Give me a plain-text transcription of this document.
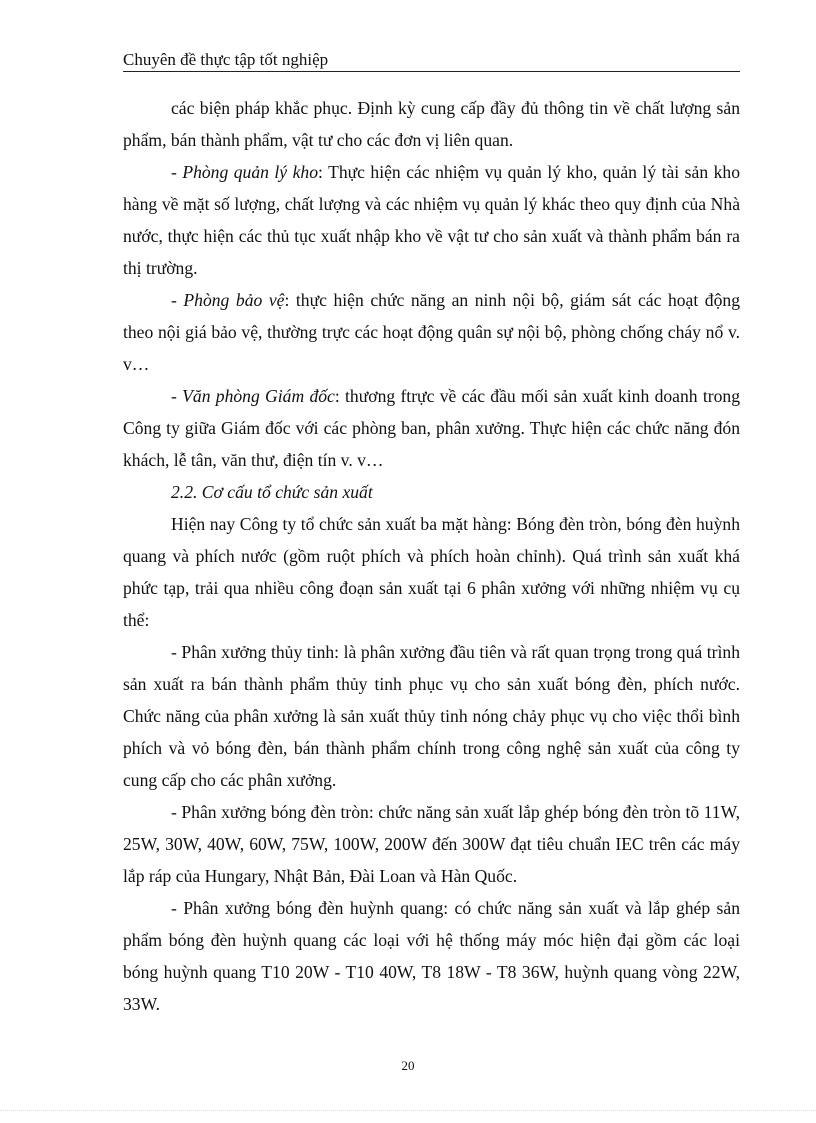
Chuyên đề thực tập tốt nghiệp

các biện pháp khắc phục. Định kỳ cung cấp đầy đủ thông tin về chất lượng sản phẩm, bán thành phẩm, vật tư cho các đơn vị liên quan.

- Phòng quản lý kho: Thực hiện các nhiệm vụ quản lý kho, quản lý tài sản kho hàng về mặt số lượng, chất lượng và các nhiệm vụ quản lý khác theo quy định của Nhà nước, thực hiện các thủ tục xuất nhập kho về vật tư cho sản xuất và thành phẩm bán ra thị trường.

- Phòng bảo vệ: thực hiện chức năng an ninh nội bộ, giám sát các hoạt động theo nội giá bảo vệ, thường trực các hoạt động quân sự nội bộ, phòng chống cháy nổ v. v…

- Văn phòng Giám đốc: thương ftrực về các đầu mối sản xuất kinh doanh trong Công ty giữa Giám đốc với các phòng ban, phân xưởng. Thực hiện các chức năng đón khách, lễ tân, văn thư, điện tín v. v…

2.2. Cơ cấu tổ chức sản xuất

Hiện nay Công ty tổ chức sản xuất ba mặt hàng: Bóng đèn tròn, bóng đèn huỳnh quang và phích nước (gồm ruột phích và phích hoàn chỉnh). Quá trình sản xuất khá phức tạp, trải qua nhiều công đoạn sản xuất tại 6 phân xưởng với những nhiệm vụ cụ thể:

- Phân xưởng thủy tinh: là phân xưởng đầu tiên và rất quan trọng trong quá trình sản xuất ra bán thành phẩm thủy tinh phục vụ cho sản xuất bóng đèn, phích nước. Chức năng của phân xưởng là sản xuất thủy tinh nóng chảy phục vụ cho việc thổi bình phích và vỏ bóng đèn, bán thành phẩm chính trong công nghệ sản xuất của công ty cung cấp cho các phân xưởng.

- Phân xưởng bóng đèn tròn: chức năng sản xuất lắp ghép bóng đèn tròn tõ 11W, 25W, 30W, 40W, 60W, 75W, 100W, 200W đến 300W đạt tiêu chuẩn IEC trên các máy lắp ráp của Hungary, Nhật Bản, Đài Loan và Hàn Quốc.

- Phân xưởng bóng đèn huỳnh quang: có chức năng sản xuất và lắp ghép sản phẩm bóng đèn huỳnh quang các loại với hệ thống máy móc hiện đại gồm các loại bóng huỳnh quang T10 20W - T10 40W, T8 18W - T8 36W, huỳnh quang vòng 22W, 33W.

20
